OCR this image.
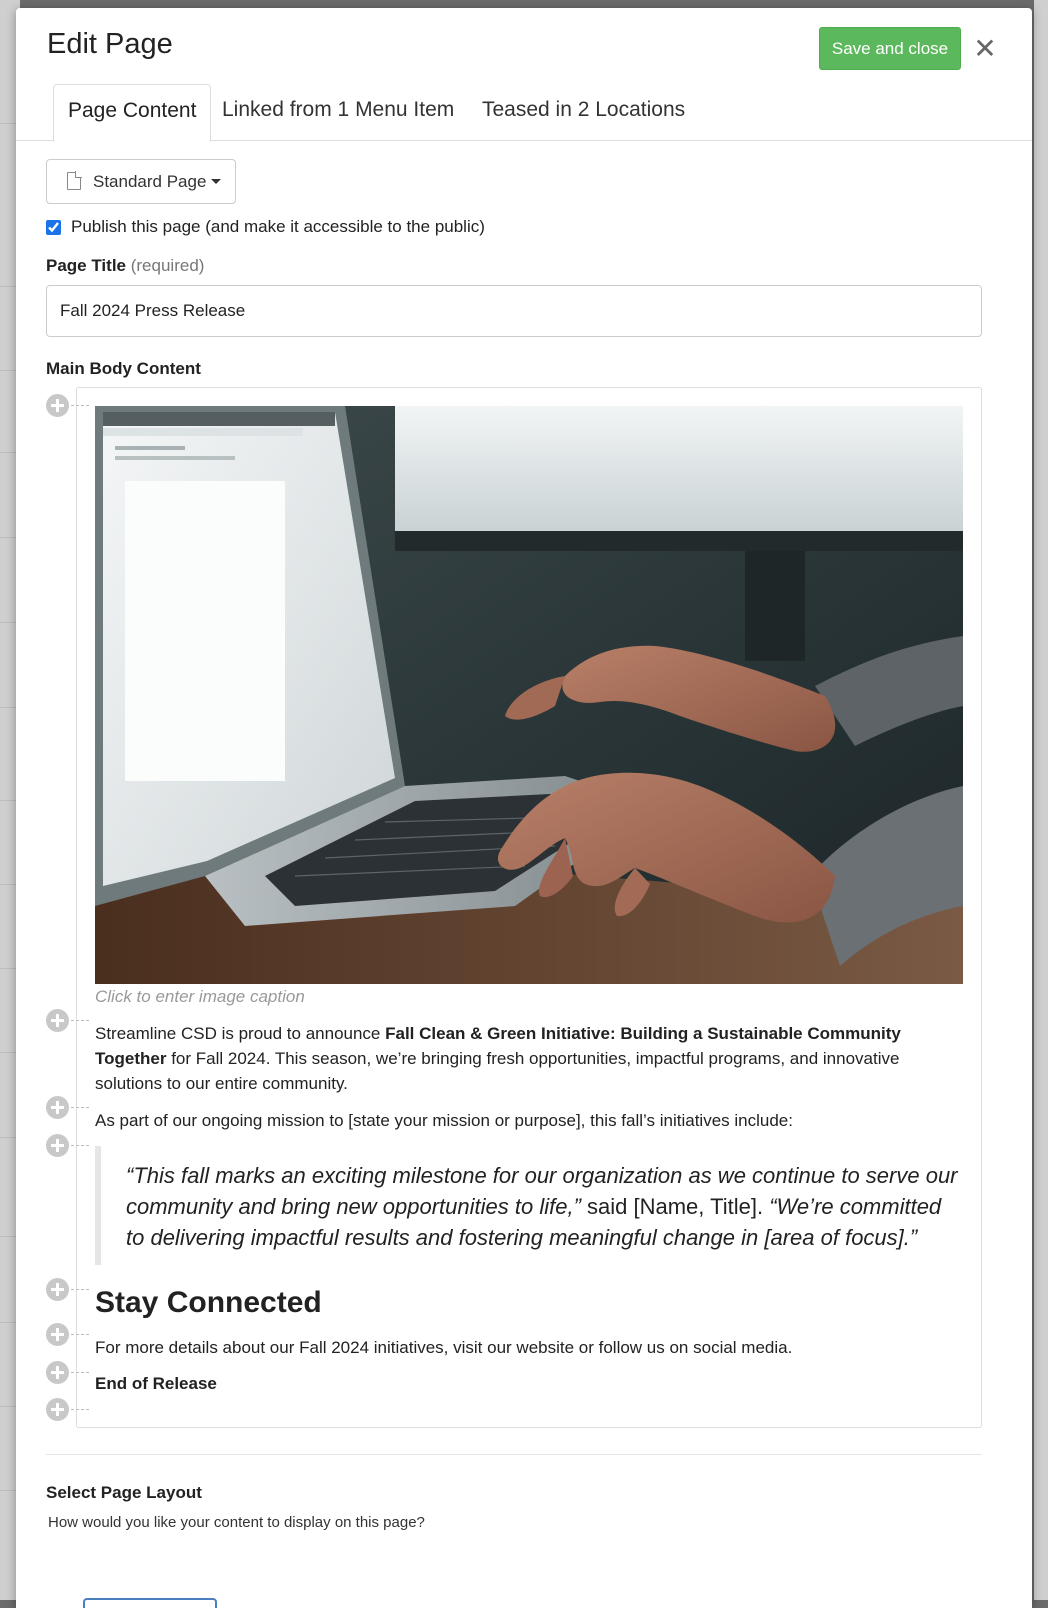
Edit Page	Save and close ✕
Page Content	Linked from 1 Menu Item	Teased in 2 Locations
Standard Page
Publish this page (and make it accessible to the public)
Page Title (required)
Fall 2024 Press Release
Main Body Content
Click to enter image caption

Streamline CSD is proud to announce Fall Clean & Green Initiative: Building a Sustainable Community Together for Fall 2024. This season, we’re bringing fresh opportunities, impactful programs, and innovative solutions to our entire community.

As part of our ongoing mission to [state your mission or purpose], this fall’s initiatives include:

“This fall marks an exciting milestone for our organization as we continue to serve our community and bring new opportunities to life,” said [Name, Title]. “We’re committed to delivering impactful results and fostering meaningful change in [area of focus].”
Stay Connected

For more details about our Fall 2024 initiatives, visit our website or follow us on social media.

End of Release
Select Page Layout
How would you like your content to display on this page?
